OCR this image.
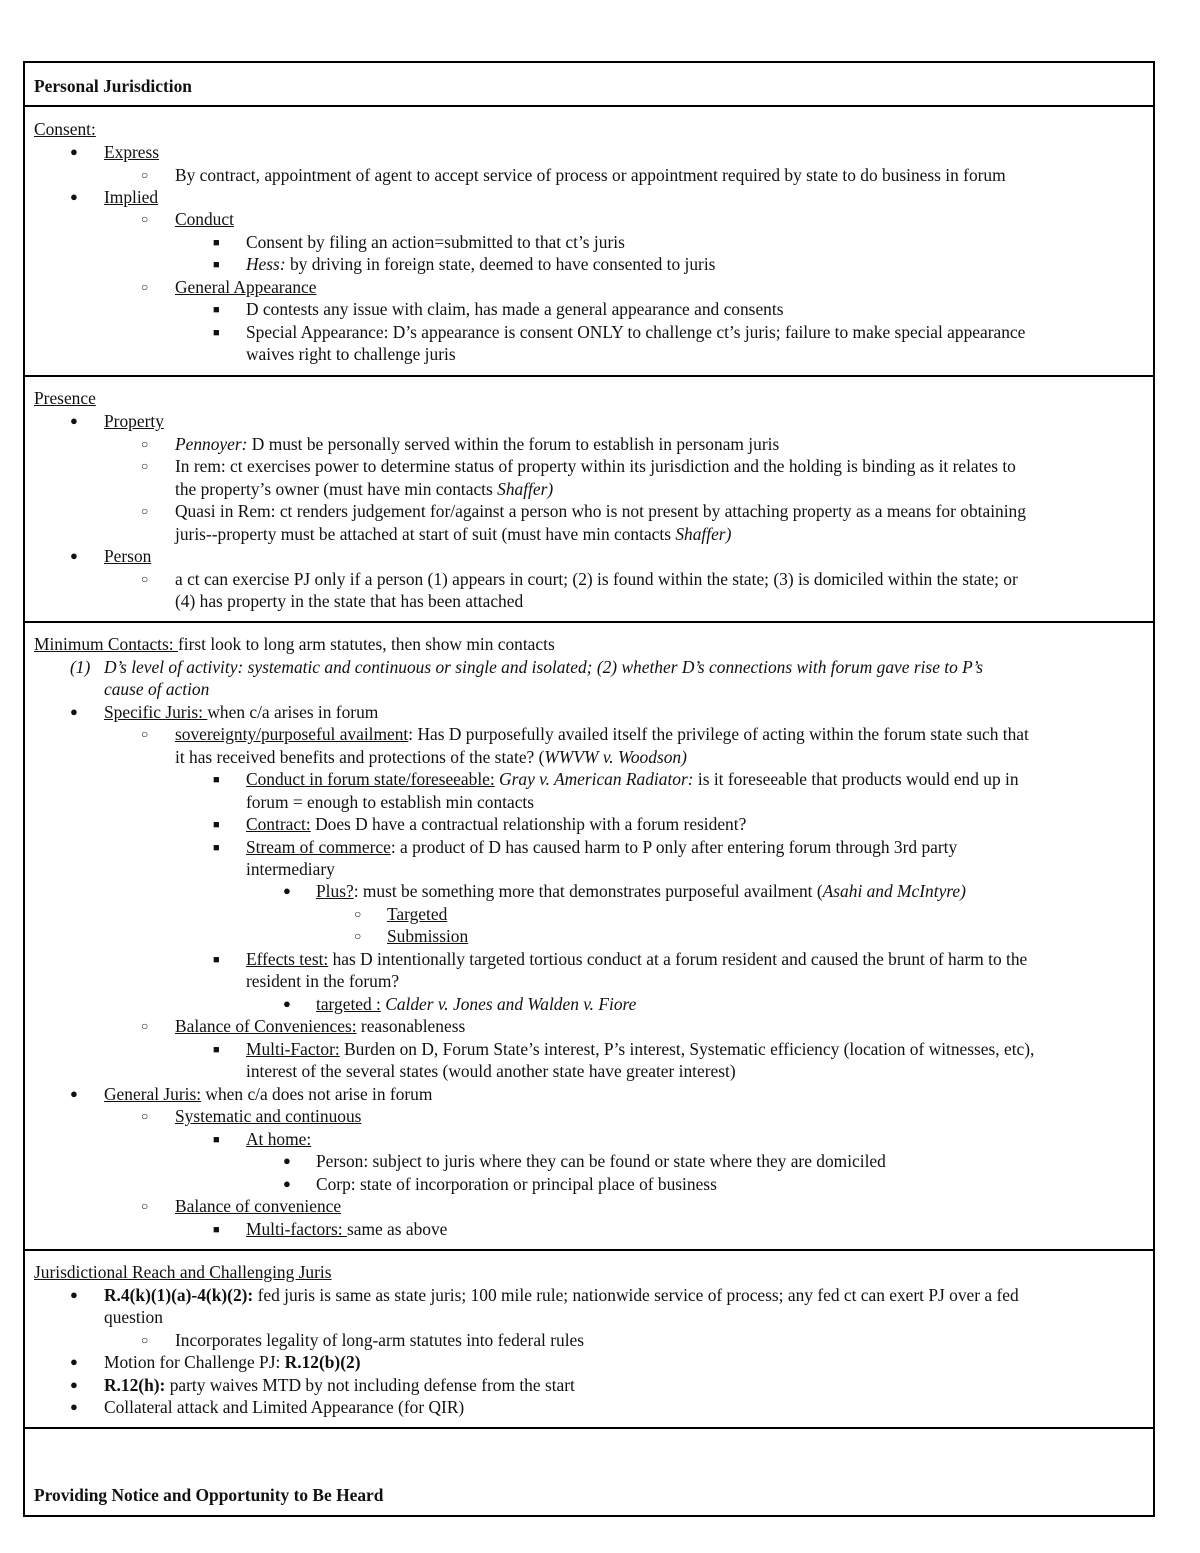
Personal Jurisdiction
Consent:
●
Express
○
By contract, appointment of agent to accept service of process or appointment required by state to do business in forum
●
Implied
○
Conduct
■
Consent by filing an action=submitted to that ct’s juris
■
Hess: by driving in foreign state, deemed to have consented to juris
○
General Appearance
■
D contests any issue with claim, has made a general appearance and consents
■
Special Appearance: D’s appearance is consent ONLY to challenge ct’s juris; failure to make special appearance
waives right to challenge juris
Presence
●
Property
○
Pennoyer: D must be personally served within the forum to establish in personam juris
○
In rem: ct exercises power to determine status of property within its jurisdiction and the holding is binding as it relates to
the property’s owner (must have min contacts Shaffer)
○
Quasi in Rem: ct renders judgement for/against a person who is not present by attaching property as a means for obtaining
juris--property must be attached at start of suit (must have min contacts Shaffer)
●
Person
○
a ct can exercise PJ only if a person (1) appears in court; (2) is found within the state; (3) is domiciled within the state; or
(4) has property in the state that has been attached
Minimum Contacts: first look to long arm statutes, then show min contacts
(1) D’s level of activity: systematic and continuous or single and isolated; (2) whether D’s connections with forum gave rise to P’s
cause of action
●
Specific Juris: when c/a arises in forum
○
sovereignty/purposeful availment: Has D purposefully availed itself the privilege of acting within the forum state such that
it has received benefits and protections of the state? (WWVW v. Woodson)
■
Conduct in forum state/foreseeable: Gray v. American Radiator: is it foreseeable that products would end up in
forum = enough to establish min contacts
■
Contract: Does D have a contractual relationship with a forum resident?
■
Stream of commerce: a product of D has caused harm to P only after entering forum through 3rd party
intermediary
●
Plus?: must be something more that demonstrates purposeful availment (Asahi and McIntyre)
○
Targeted
○
Submission
■
Effects test: has D intentionally targeted tortious conduct at a forum resident and caused the brunt of harm to the
resident in the forum?
●
targeted : Calder v. Jones and Walden v. Fiore
○
Balance of Conveniences: reasonableness
■
Multi-Factor: Burden on D, Forum State’s interest, P’s interest, Systematic efficiency (location of witnesses, etc),
interest of the several states (would another state have greater interest)
●
General Juris: when c/a does not arise in forum
○
Systematic and continuous
■
At home:
●
Person: subject to juris where they can be found or state where they are domiciled
●
Corp: state of incorporation or principal place of business
○
Balance of convenience
■
Multi-factors: same as above
Jurisdictional Reach and Challenging Juris
●
R.4(k)(1)(a)-4(k)(2): fed juris is same as state juris; 100 mile rule; nationwide service of process; any fed ct can exert PJ over a fed
question
○
Incorporates legality of long-arm statutes into federal rules
●
Motion for Challenge PJ: R.12(b)(2)
●
R.12(h): party waives MTD by not including defense from the start
●
Collateral attack and Limited Appearance (for QIR)
Providing Notice and Opportunity to Be Heard
